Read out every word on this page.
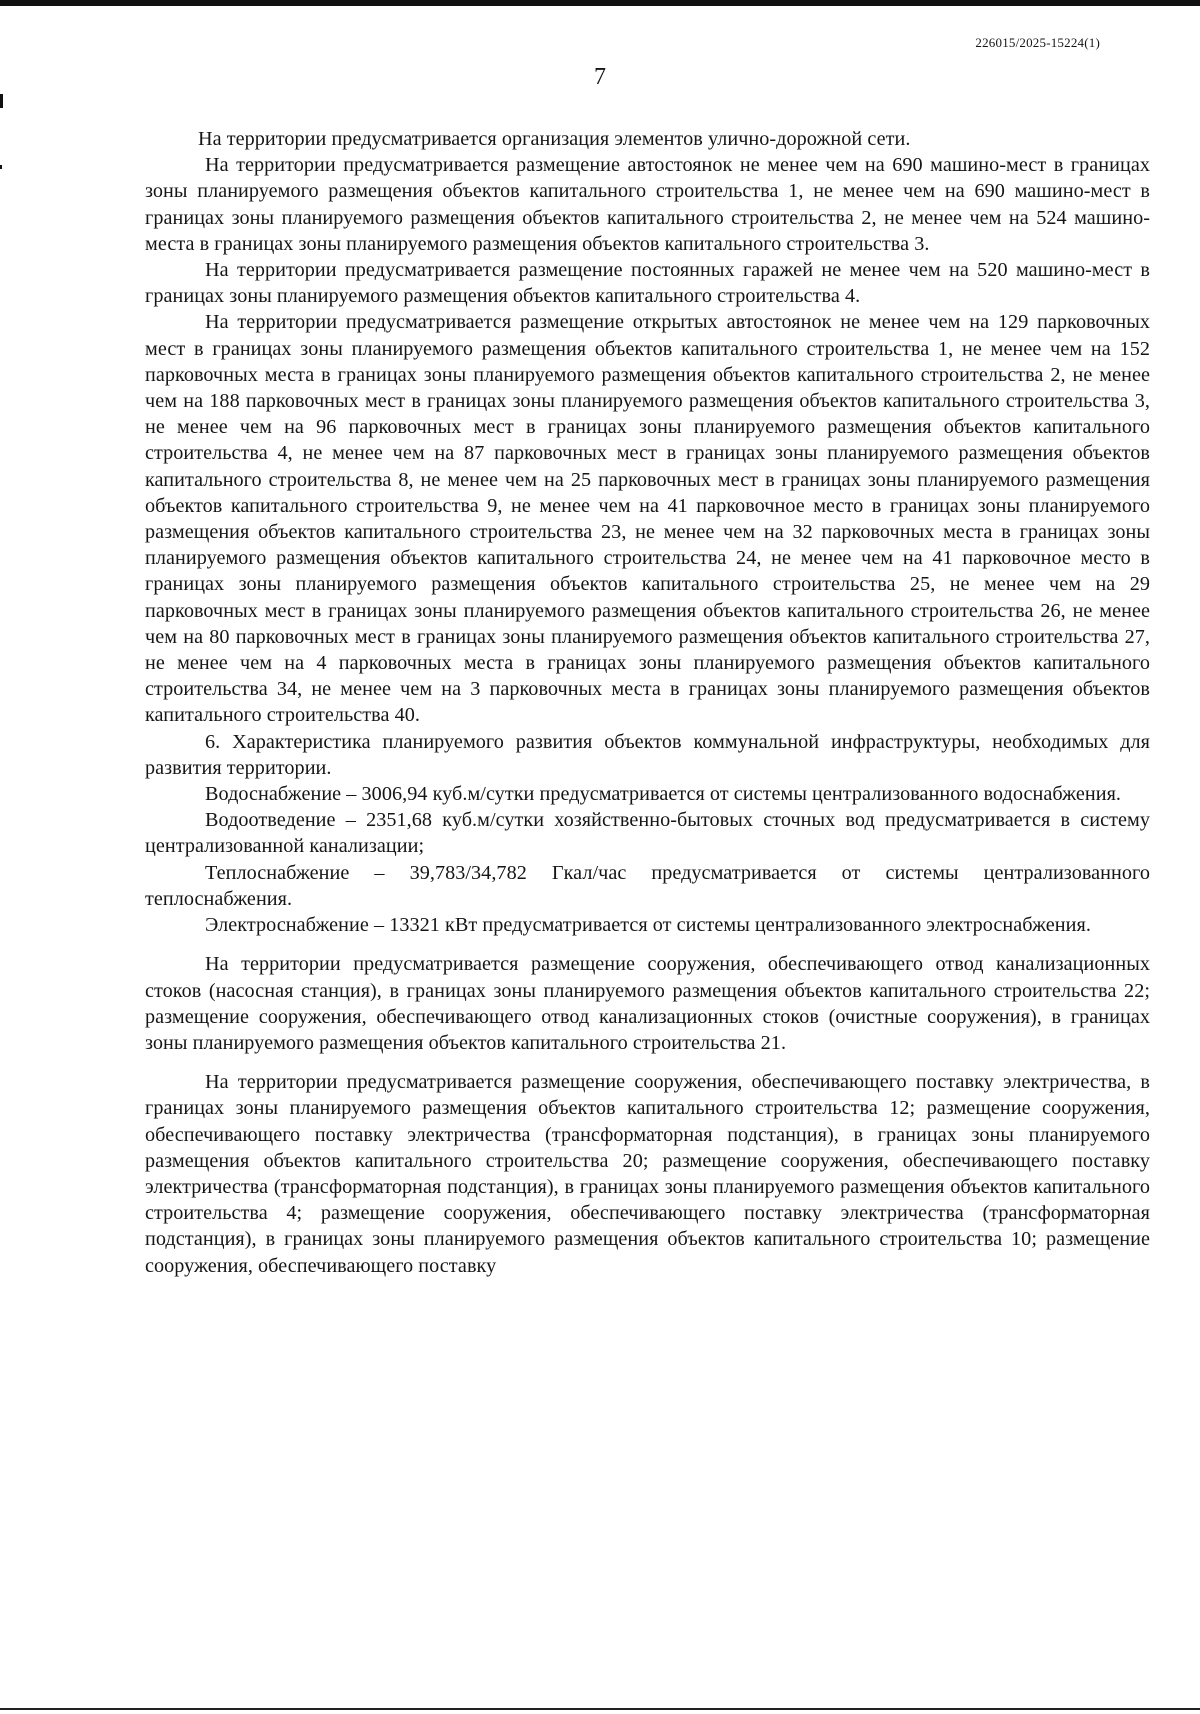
226015/2025-15224(1)
7

На территории предусматривается организация элементов улично-дорожной сети.

На территории предусматривается размещение автостоянок не менее чем на 690 машино-мест в границах зоны планируемого размещения объектов капитального строительства 1, не менее чем на 690 машино-мест в границах зоны планируемого размещения объектов капитального строительства 2, не менее чем на 524 машино-места в границах зоны планируемого размещения объектов капитального строительства 3.

На территории предусматривается размещение постоянных гаражей не менее чем на 520 машино-мест в границах зоны планируемого размещения объектов капитального строительства 4.

На территории предусматривается размещение открытых автостоянок не менее чем на 129 парковочных мест в границах зоны планируемого размещения объектов капитального строительства 1, не менее чем на 152 парковочных места в границах зоны планируемого размещения объектов капитального строительства 2, не менее чем на 188 парковочных мест в границах зоны планируемого размещения объектов капитального строительства 3, не менее чем на 96 парковочных мест в границах зоны планируемого размещения объектов капитального строительства 4, не менее чем на 87 парковочных мест в границах зоны планируемого размещения объектов капитального строительства 8, не менее чем на 25 парковочных мест в границах зоны планируемого размещения объектов капитального строительства 9, не менее чем на 41 парковочное место в границах зоны планируемого размещения объектов капитального строительства 23, не менее чем на 32 парковочных места в границах зоны планируемого размещения объектов капитального строительства 24, не менее чем на 41 парковочное место в границах зоны планируемого размещения объектов капитального строительства 25, не менее чем на 29 парковочных мест в границах зоны планируемого размещения объектов капитального строительства 26, не менее чем на 80 парковочных мест в границах зоны планируемого размещения объектов капитального строительства 27, не менее чем на 4 парковочных места в границах зоны планируемого размещения объектов капитального строительства 34, не менее чем на 3 парковочных места в границах зоны планируемого размещения объектов капитального строительства 40.

6. Характеристика планируемого развития объектов коммунальной инфраструктуры, необходимых для развития территории.

Водоснабжение – 3006,94 куб.м/сутки предусматривается от системы централизованного водоснабжения.

Водоотведение – 2351,68 куб.м/сутки хозяйственно-бытовых сточных вод предусматривается в систему централизованной канализации;

Теплоснабжение – 39,783/34,782 Гкал/час предусматривается от системы централизованного теплоснабжения.

Электроснабжение – 13321 кВт предусматривается от системы централизованного электроснабжения.

На территории предусматривается размещение сооружения, обеспечивающего отвод канализационных стоков (насосная станция), в границах зоны планируемого размещения объектов капитального строительства 22; размещение сооружения, обеспечивающего отвод канализационных стоков (очистные сооружения), в границах зоны планируемого размещения объектов капитального строительства 21.

На территории предусматривается размещение сооружения, обеспечивающего поставку электричества, в границах зоны планируемого размещения объектов капитального строительства 12; размещение сооружения, обеспечивающего поставку электричества (трансформаторная подстанция), в границах зоны планируемого размещения объектов капитального строительства 20; размещение сооружения, обеспечивающего поставку электричества (трансформаторная подстанция), в границах зоны планируемого размещения объектов капитального строительства 4; размещение сооружения, обеспечивающего поставку электричества (трансформаторная подстанция), в границах зоны планируемого размещения объектов капитального строительства 10; размещение сооружения, обеспечивающего поставку
